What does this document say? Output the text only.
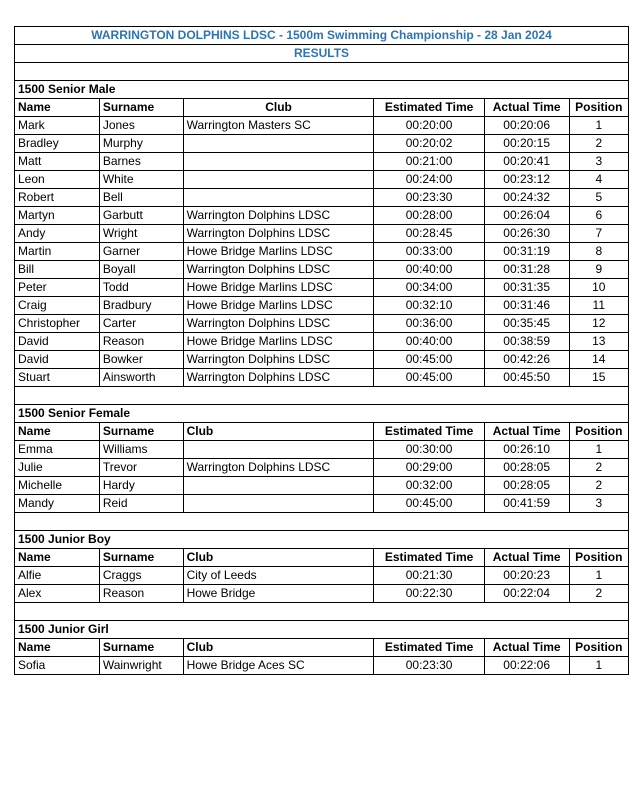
WARRINGTON DOLPHINS LDSC - 1500m Swimming Championship - 28 Jan 2024					
RESULTS					

1500 Senior Male					
Name	Surname	Club	Estimated Time	Actual Time	Position
Mark	Jones	Warrington Masters SC	00:20:00	00:20:06	1
Bradley	Murphy		00:20:02	00:20:15	2
Matt	Barnes		00:21:00	00:20:41	3
Leon	White		00:24:00	00:23:12	4
Robert	Bell		00:23:30	00:24:32	5
Martyn	Garbutt	Warrington Dolphins LDSC	00:28:00	00:26:04	6
Andy	Wright	Warrington Dolphins LDSC	00:28:45	00:26:30	7
Martin	Garner	Howe Bridge Marlins LDSC	00:33:00	00:31:19	8
Bill	Boyall	Warrington Dolphins LDSC	00:40:00	00:31:28	9
Peter	Todd	Howe Bridge Marlins LDSC	00:34:00	00:31:35	10
Craig	Bradbury	Howe Bridge Marlins LDSC	00:32:10	00:31:46	11
Christopher	Carter	Warrington Dolphins LDSC	00:36:00	00:35:45	12
David	Reason	Howe Bridge Marlins LDSC	00:40:00	00:38:59	13
David	Bowker	Warrington Dolphins LDSC	00:45:00	00:42:26	14
Stuart	Ainsworth	Warrington Dolphins LDSC	00:45:00	00:45:50	15

1500 Senior Female					
Name	Surname	Club	Estimated Time	Actual Time	Position
Emma	Williams		00:30:00	00:26:10	1
Julie	Trevor	Warrington Dolphins LDSC	00:29:00	00:28:05	2
Michelle	Hardy		00:32:00	00:28:05	2
Mandy	Reid		00:45:00	00:41:59	3

1500 Junior Boy					
Name	Surname	Club	Estimated Time	Actual Time	Position
Alfie	Craggs	City of Leeds	00:21:30	00:20:23	1
Alex	Reason	Howe Bridge	00:22:30	00:22:04	2

1500 Junior Girl					
Name	Surname	Club	Estimated Time	Actual Time	Position
Sofia	Wainwright	Howe Bridge Aces SC	00:23:30	00:22:06	1
